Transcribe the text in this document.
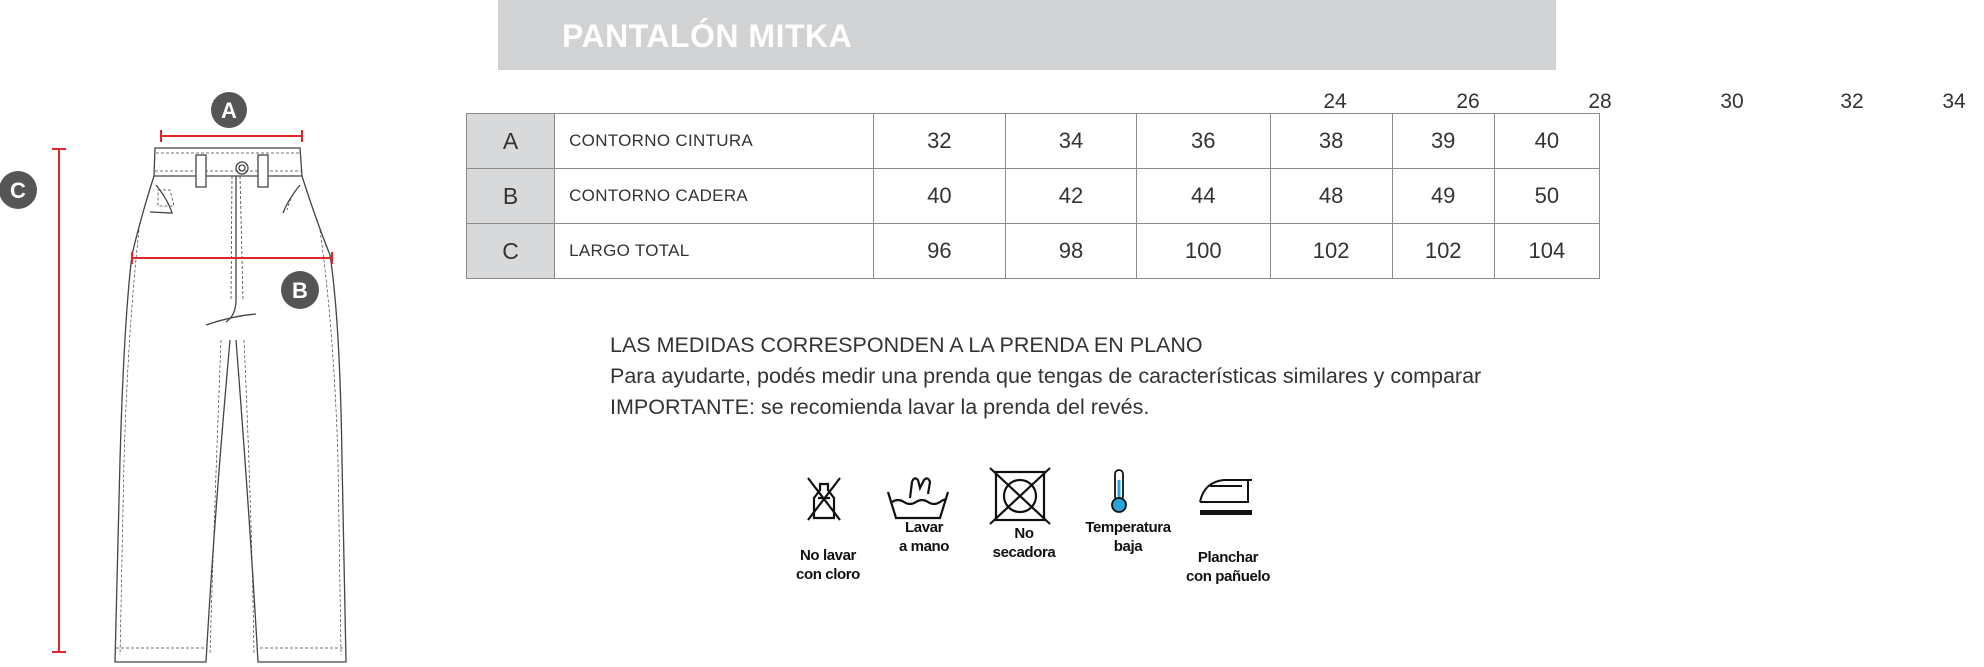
PANTALÓN MITKA
A
B
C
24	26	28	30	32	34
A	CONTORNO CINTURA	32	34	36	38	39	40
B	CONTORNO CADERA	40	42	44	48	49	50
C	LARGO TOTAL	96	98	100	102	102	104
LAS MEDIDAS CORRESPONDEN A LA PRENDA EN PLANO
Para ayudarte, podés medir una prenda que tengas de características similares y comparar
IMPORTANTE: se recomienda lavar la prenda del revés.
No lavar
con cloro
Lavar
a mano
No
secadora
Temperatura
baja
Planchar
con pañuelo
